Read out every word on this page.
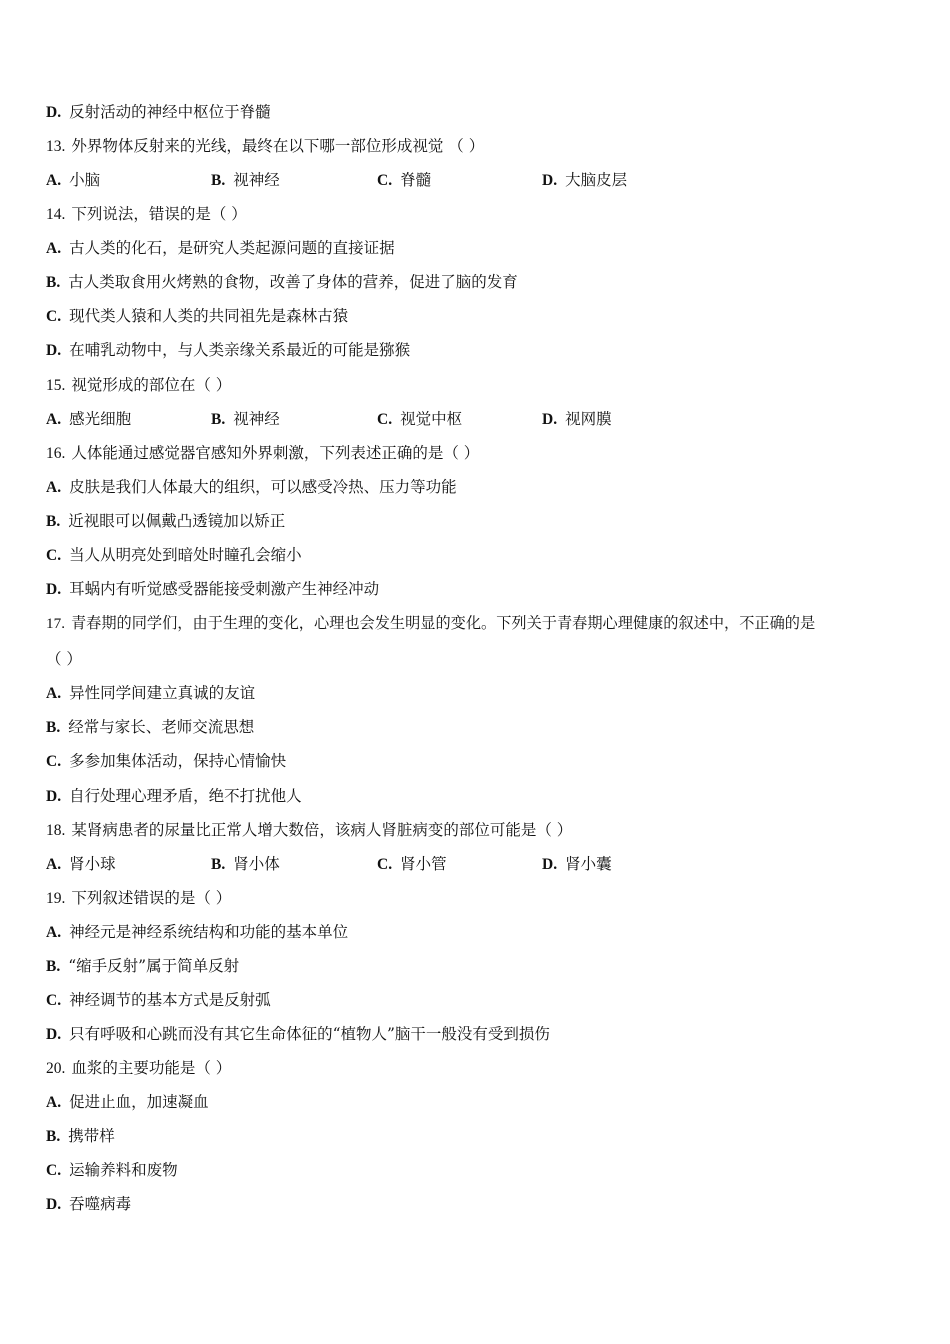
D. 反射活动的神经中枢位于脊髓
13. 外界物体反射来的光线，最终在以下哪一部位形成视觉 （ ）
A. 小脑	B. 视神经	C. 脊髓	D. 大脑皮层
14. 下列说法，错误的是（ ）
A. 古人类的化石，是研究人类起源问题的直接证据
B. 古人类取食用火烤熟的食物，改善了身体的营养，促进了脑的发育
C. 现代类人猿和人类的共同祖先是森林古猿
D. 在哺乳动物中，与人类亲缘关系最近的可能是猕猴
15. 视觉形成的部位在（ ）
A. 感光细胞	B. 视神经	C. 视觉中枢	D. 视网膜
16. 人体能通过感觉器官感知外界刺激，下列表述正确的是（ ）
A. 皮肤是我们人体最大的组织，可以感受冷热、压力等功能
B. 近视眼可以佩戴凸透镜加以矫正
C. 当人从明亮处到暗处时瞳孔会缩小
D. 耳蜗内有听觉感受器能接受刺激产生神经冲动
17. 青春期的同学们，由于生理的变化，心理也会发生明显的变化。下列关于青春期心理健康的叙述中，不正确的是
（ ）
A. 异性同学间建立真诚的友谊
B. 经常与家长、老师交流思想
C. 多参加集体活动，保持心情愉快
D. 自行处理心理矛盾，绝不打扰他人
18. 某肾病患者的尿量比正常人增大数倍，该病人肾脏病变的部位可能是（ ）
A. 肾小球	B. 肾小体	C. 肾小管	D. 肾小囊
19. 下列叙述错误的是（ ）
A. 神经元是神经系统结构和功能的基本单位
B. “缩手反射”属于简单反射
C. 神经调节的基本方式是反射弧
D. 只有呼吸和心跳而没有其它生命体征的“植物人”脑干一般没有受到损伤
20. 血浆的主要功能是（ ）
A. 促进止血，加速凝血
B. 携带样
C. 运输养料和废物
D. 吞噬病毒
